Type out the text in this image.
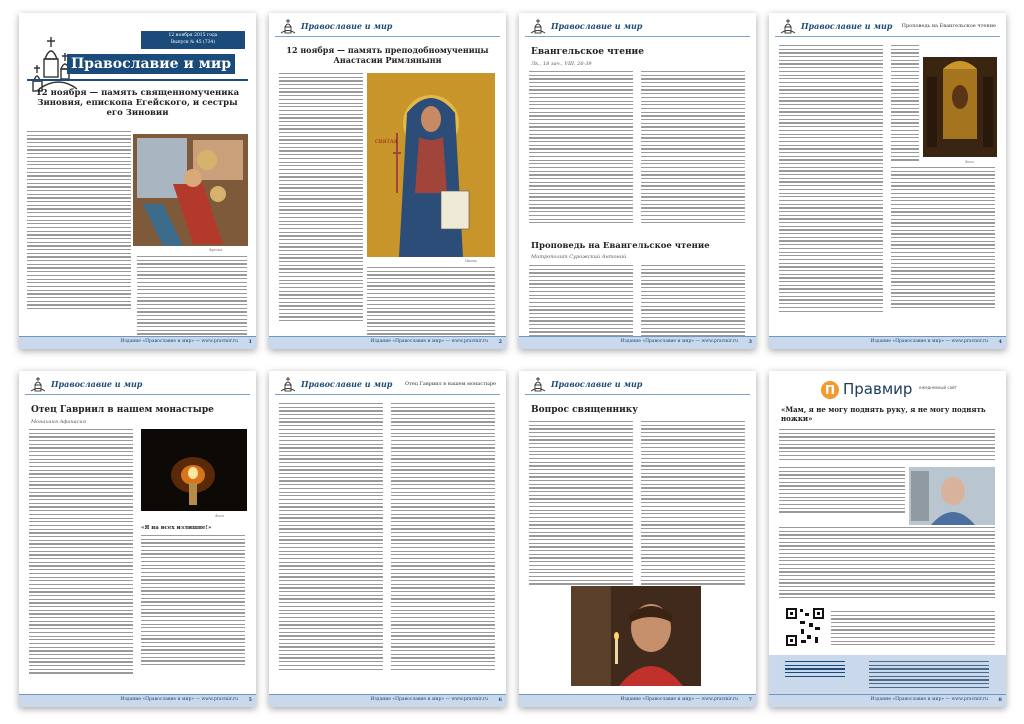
12 ноября 2015 года
Выпуск № 45 (734)
Православие и мир
12 ноября — память священномученика Зиновия, епископа Егейского, и сестры его Зиновии
Фреска
Издание «Православие и мир» — www.pravmir.ru 1
Православие и мир
12 ноября — память преподобномученицы Анастасии Римляныни
СВЯТАЯ
Икона
Издание «Православие и мир» — www.pravmir.ru 2
Православие и мир
Евангельское чтение
Лк., 18 зач., VIII, 26-39
Проповедь на Евангельское чтение
Митрополит Сурожский Антоний
Издание «Православие и мир» — www.pravmir.ru 3
Православие и мир Проповедь на Евангельское чтение
Фото
Издание «Православие и мир» — www.pravmir.ru 4
Православие и мир
Отец Гавриил в нашем монастыре
Монахиня Афанасия
Фото
«Я на всех излишне!»
Издание «Православие и мир» — www.pravmir.ru 5
Православие и мир	Отец Гавриил в нашем монастыре
Издание «Православие и мир» — www.pravmir.ru 6
Православие и мир
Вопрос священнику
Издание «Православие и мир» — www.pravmir.ru 7
П Правмир ежедневный сайт
«Мам, я не могу поднять руку, я не могу поднять ножки»
Издание «Православие и мир» — www.pravmir.ru 8
